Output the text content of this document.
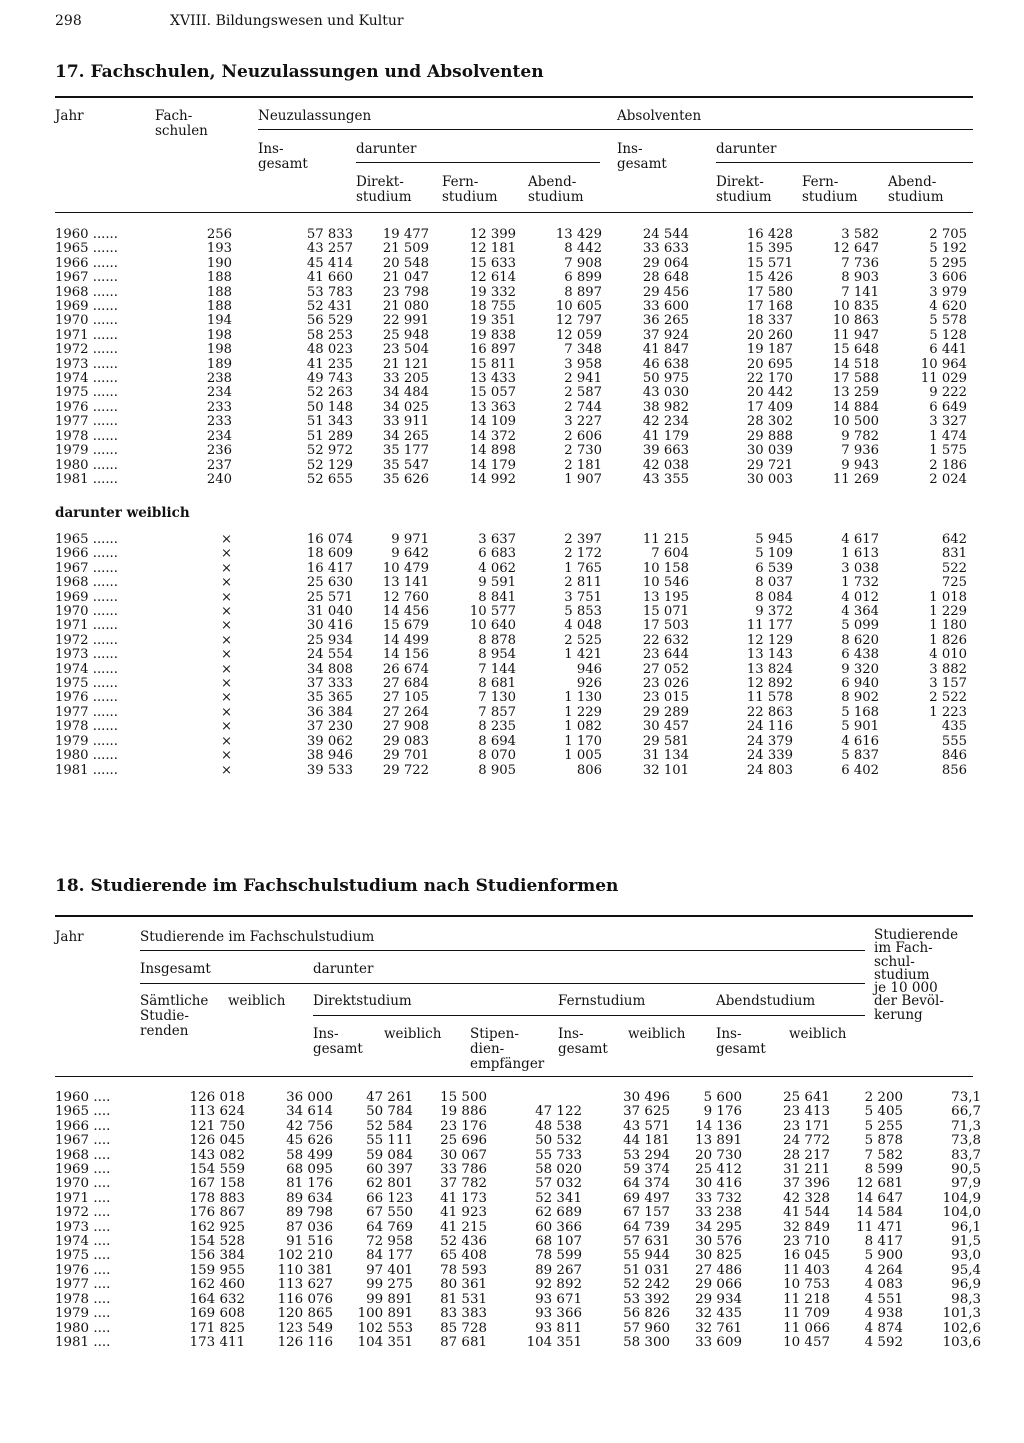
298	XVIII. Bildungswesen und Kultur
17. Fachschulen, Neuzulassungen und Absolventen
Jahr	Fach-
schulen
Neuzulassungen	Absolventen
Ins-
gesamt
darunter	Ins-
gesamt
darunter
Direkt-
studium
Fern-
studium
Abend-
studium
Direkt-
studium
Fern-
studium
Abend-
studium
1960 ......	256	57 833	19 477	12 399	13 429	24 544	16 428	3 582	2 705
1965 ......	193	43 257	21 509	12 181	8 442	33 633	15 395	12 647	5 192
1966 ......	190	45 414	20 548	15 633	7 908	29 064	15 571	7 736	5 295
1967 ......	188	41 660	21 047	12 614	6 899	28 648	15 426	8 903	3 606
1968 ......	188	53 783	23 798	19 332	8 897	29 456	17 580	7 141	3 979
1969 ......	188	52 431	21 080	18 755	10 605	33 600	17 168	10 835	4 620
1970 ......	194	56 529	22 991	19 351	12 797	36 265	18 337	10 863	5 578
1971 ......	198	58 253	25 948	19 838	12 059	37 924	20 260	11 947	5 128
1972 ......	198	48 023	23 504	16 897	7 348	41 847	19 187	15 648	6 441
1973 ......	189	41 235	21 121	15 811	3 958	46 638	20 695	14 518	10 964
1974 ......	238	49 743	33 205	13 433	2 941	50 975	22 170	17 588	11 029
1975 ......	234	52 263	34 484	15 057	2 587	43 030	20 442	13 259	9 222
1976 ......	233	50 148	34 025	13 363	2 744	38 982	17 409	14 884	6 649
1977 ......	233	51 343	33 911	14 109	3 227	42 234	28 302	10 500	3 327
1978 ......	234	51 289	34 265	14 372	2 606	41 179	29 888	9 782	1 474
1979 ......	236	52 972	35 177	14 898	2 730	39 663	30 039	7 936	1 575
1980 ......	237	52 129	35 547	14 179	2 181	42 038	29 721	9 943	2 186
1981 ......	240	52 655	35 626	14 992	1 907	43 355	30 003	11 269	2 024
darunter weiblich
1965 ......	×	16 074	9 971	3 637	2 397	11 215	5 945	4 617	642
1966 ......	×	18 609	9 642	6 683	2 172	7 604	5 109	1 613	831
1967 ......	×	16 417	10 479	4 062	1 765	10 158	6 539	3 038	522
1968 ......	×	25 630	13 141	9 591	2 811	10 546	8 037	1 732	725
1969 ......	×	25 571	12 760	8 841	3 751	13 195	8 084	4 012	1 018
1970 ......	×	31 040	14 456	10 577	5 853	15 071	9 372	4 364	1 229
1971 ......	×	30 416	15 679	10 640	4 048	17 503	11 177	5 099	1 180
1972 ......	×	25 934	14 499	8 878	2 525	22 632	12 129	8 620	1 826
1973 ......	×	24 554	14 156	8 954	1 421	23 644	13 143	6 438	4 010
1974 ......	×	34 808	26 674	7 144	946	27 052	13 824	9 320	3 882
1975 ......	×	37 333	27 684	8 681	926	23 026	12 892	6 940	3 157
1976 ......	×	35 365	27 105	7 130	1 130	23 015	11 578	8 902	2 522
1977 ......	×	36 384	27 264	7 857	1 229	29 289	22 863	5 168	1 223
1978 ......	×	37 230	27 908	8 235	1 082	30 457	24 116	5 901	435
1979 ......	×	39 062	29 083	8 694	1 170	29 581	24 379	4 616	555
1980 ......	×	38 946	29 701	8 070	1 005	31 134	24 339	5 837	846
1981 ......	×	39 533	29 722	8 905	806	32 101	24 803	6 402	856
18. Studierende im Fachschulstudium nach Studienformen
Jahr	Studierende im Fachschulstudium	Studierende
im Fach-
schul-
studium
je 10 000
der Bevöl-
kerung
Insgesamt	darunter
Sämtliche
Studie-
renden
weiblich Direktstudium	Fernstudium	Abendstudium
Ins-
gesamt
weiblich Stipen-
dien-
empfänger
Ins-
gesamt
weiblich Ins-
gesamt
weiblich
1960 ....	126 018	36 000	47 261	15 500		30 496	5 600	25 641	2 200	73,1
1965 ....	113 624	34 614	50 784	19 886	47 122	37 625	9 176	23 413	5 405	66,7
1966 ....	121 750	42 756	52 584	23 176	48 538	43 571	14 136	23 171	5 255	71,3
1967 ....	126 045	45 626	55 111	25 696	50 532	44 181	13 891	24 772	5 878	73,8
1968 ....	143 082	58 499	59 084	30 067	55 733	53 294	20 730	28 217	7 582	83,7
1969 ....	154 559	68 095	60 397	33 786	58 020	59 374	25 412	31 211	8 599	90,5
1970 ....	167 158	81 176	62 801	37 782	57 032	64 374	30 416	37 396	12 681	97,9
1971 ....	178 883	89 634	66 123	41 173	52 341	69 497	33 732	42 328	14 647	104,9
1972 ....	176 867	89 798	67 550	41 923	62 689	67 157	33 238	41 544	14 584	104,0
1973 ....	162 925	87 036	64 769	41 215	60 366	64 739	34 295	32 849	11 471	96,1
1974 ....	154 528	91 516	72 958	52 436	68 107	57 631	30 576	23 710	8 417	91,5
1975 ....	156 384	102 210	84 177	65 408	78 599	55 944	30 825	16 045	5 900	93,0
1976 ....	159 955	110 381	97 401	78 593	89 267	51 031	27 486	11 403	4 264	95,4
1977 ....	162 460	113 627	99 275	80 361	92 892	52 242	29 066	10 753	4 083	96,9
1978 ....	164 632	116 076	99 891	81 531	93 671	53 392	29 934	11 218	4 551	98,3
1979 ....	169 608	120 865	100 891	83 383	93 366	56 826	32 435	11 709	4 938	101,3
1980 ....	171 825	123 549	102 553	85 728	93 811	57 960	32 761	11 066	4 874	102,6
1981 ....	173 411	126 116	104 351	87 681	104 351	58 300	33 609	10 457	4 592	103,6
